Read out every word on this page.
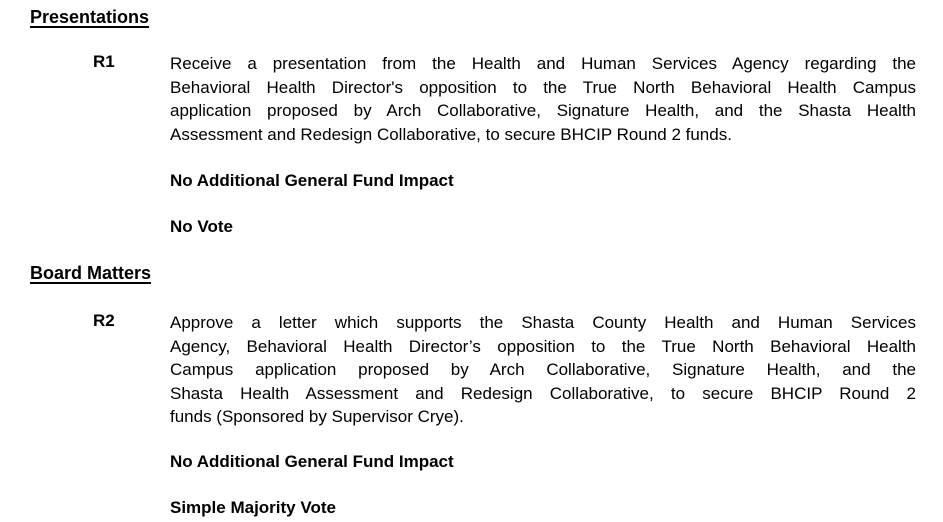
Presentations
R1	Receive a presentation from the Health and Human Services Agency regarding the
Behavioral Health Director's opposition to the True North Behavioral Health Campus
application proposed by Arch Collaborative, Signature Health, and the Shasta Health
Assessment and Redesign Collaborative, to secure BHCIP Round 2 funds.
No Additional General Fund Impact
No Vote
Board Matters
R2	Approve a letter which supports the Shasta County Health and Human Services
Agency, Behavioral Health Director’s opposition to the True North Behavioral Health
Campus application proposed by Arch Collaborative, Signature Health, and the
Shasta Health Assessment and Redesign Collaborative, to secure BHCIP Round 2
funds (Sponsored by Supervisor Crye).
No Additional General Fund Impact
Simple Majority Vote
